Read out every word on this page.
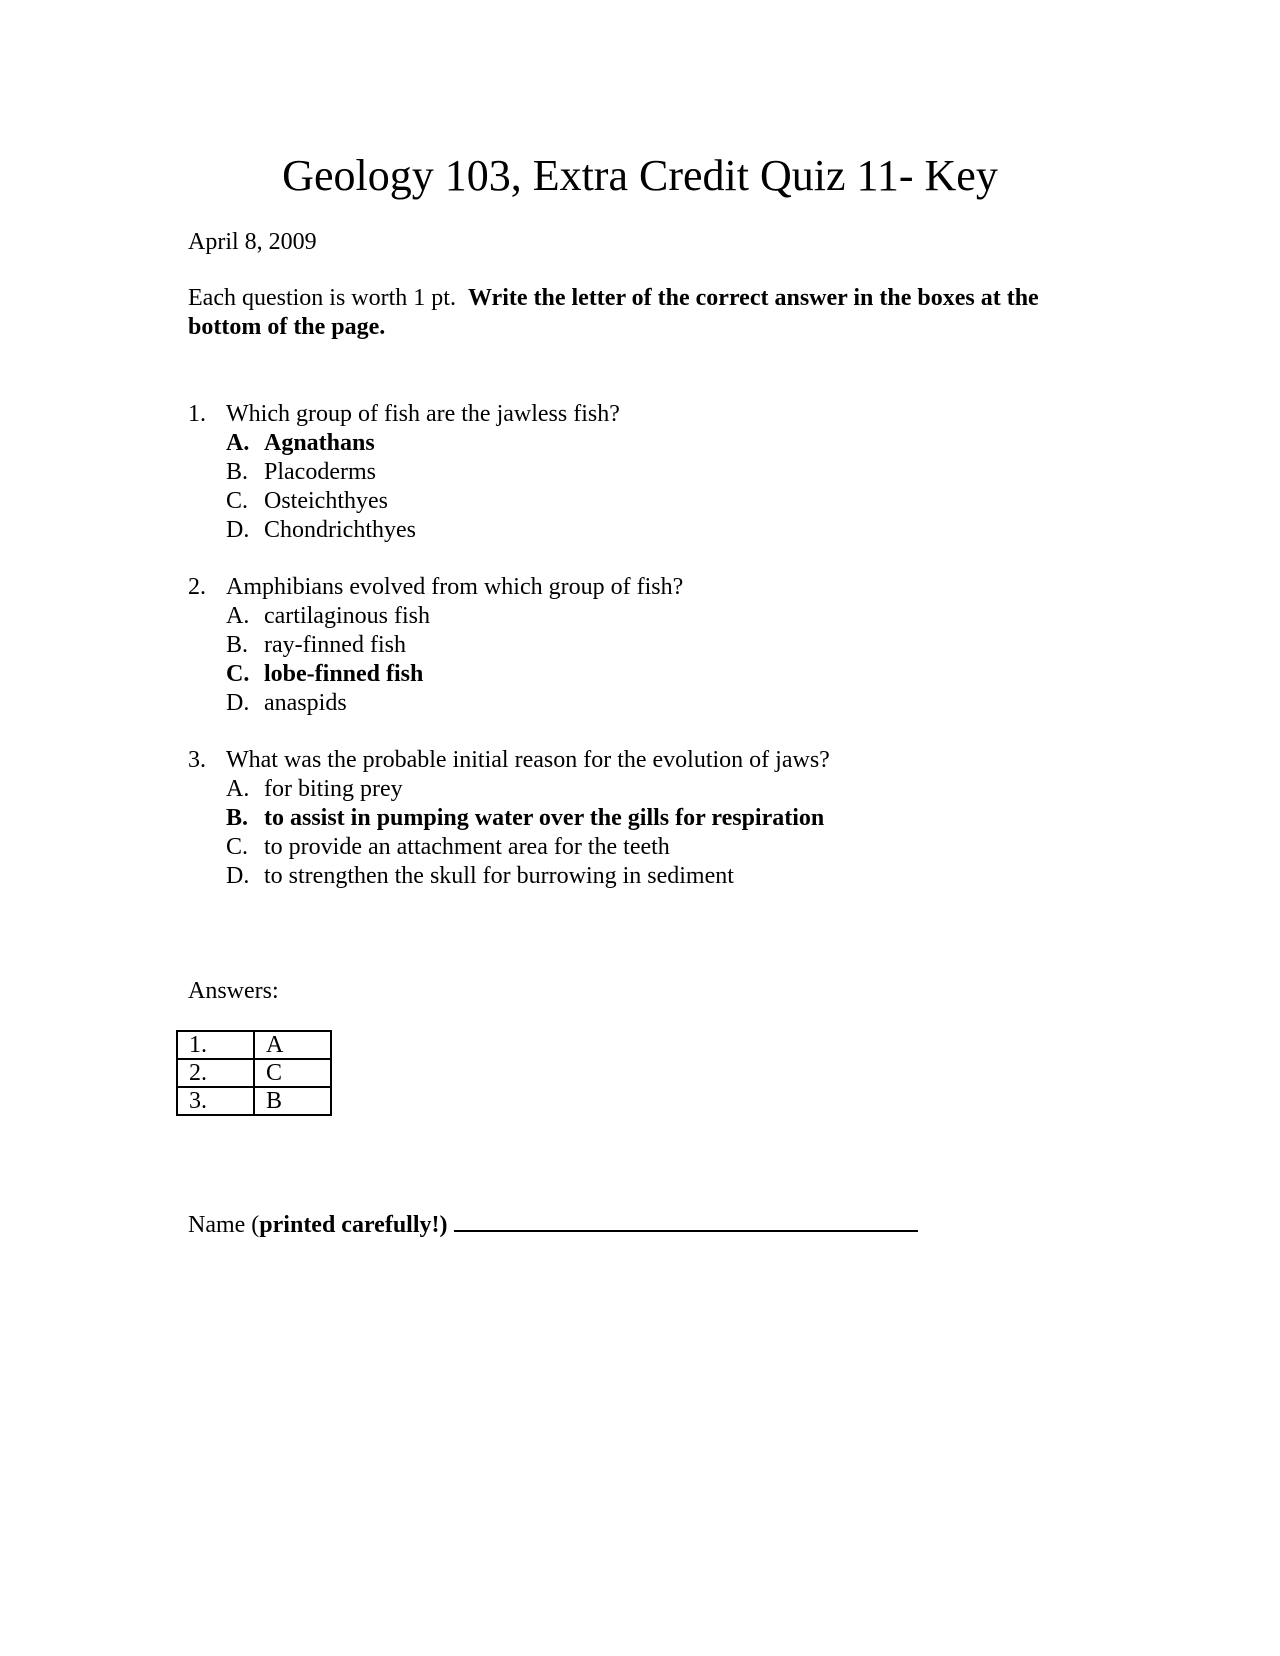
Geology 103, Extra Credit Quiz 11- Key
April 8, 2009
Each question is worth 1 pt. Write the letter of the correct answer in the boxes at the bottom of the page.
1. Which group of fish are the jawless fish?
A. Agnathans
B. Placoderms
C. Osteichthyes
D. Chondrichthyes
2. Amphibians evolved from which group of fish?
A. cartilaginous fish
B. ray-finned fish
C. lobe-finned fish
D. anaspids
3. What was the probable initial reason for the evolution of jaws?
A. for biting prey
B. to assist in pumping water over the gills for respiration
C. to provide an attachment area for the teeth
D. to strengthen the skull for burrowing in sediment
Answers:
1.	A
2.	C
3.	B
Name (printed carefully!)
